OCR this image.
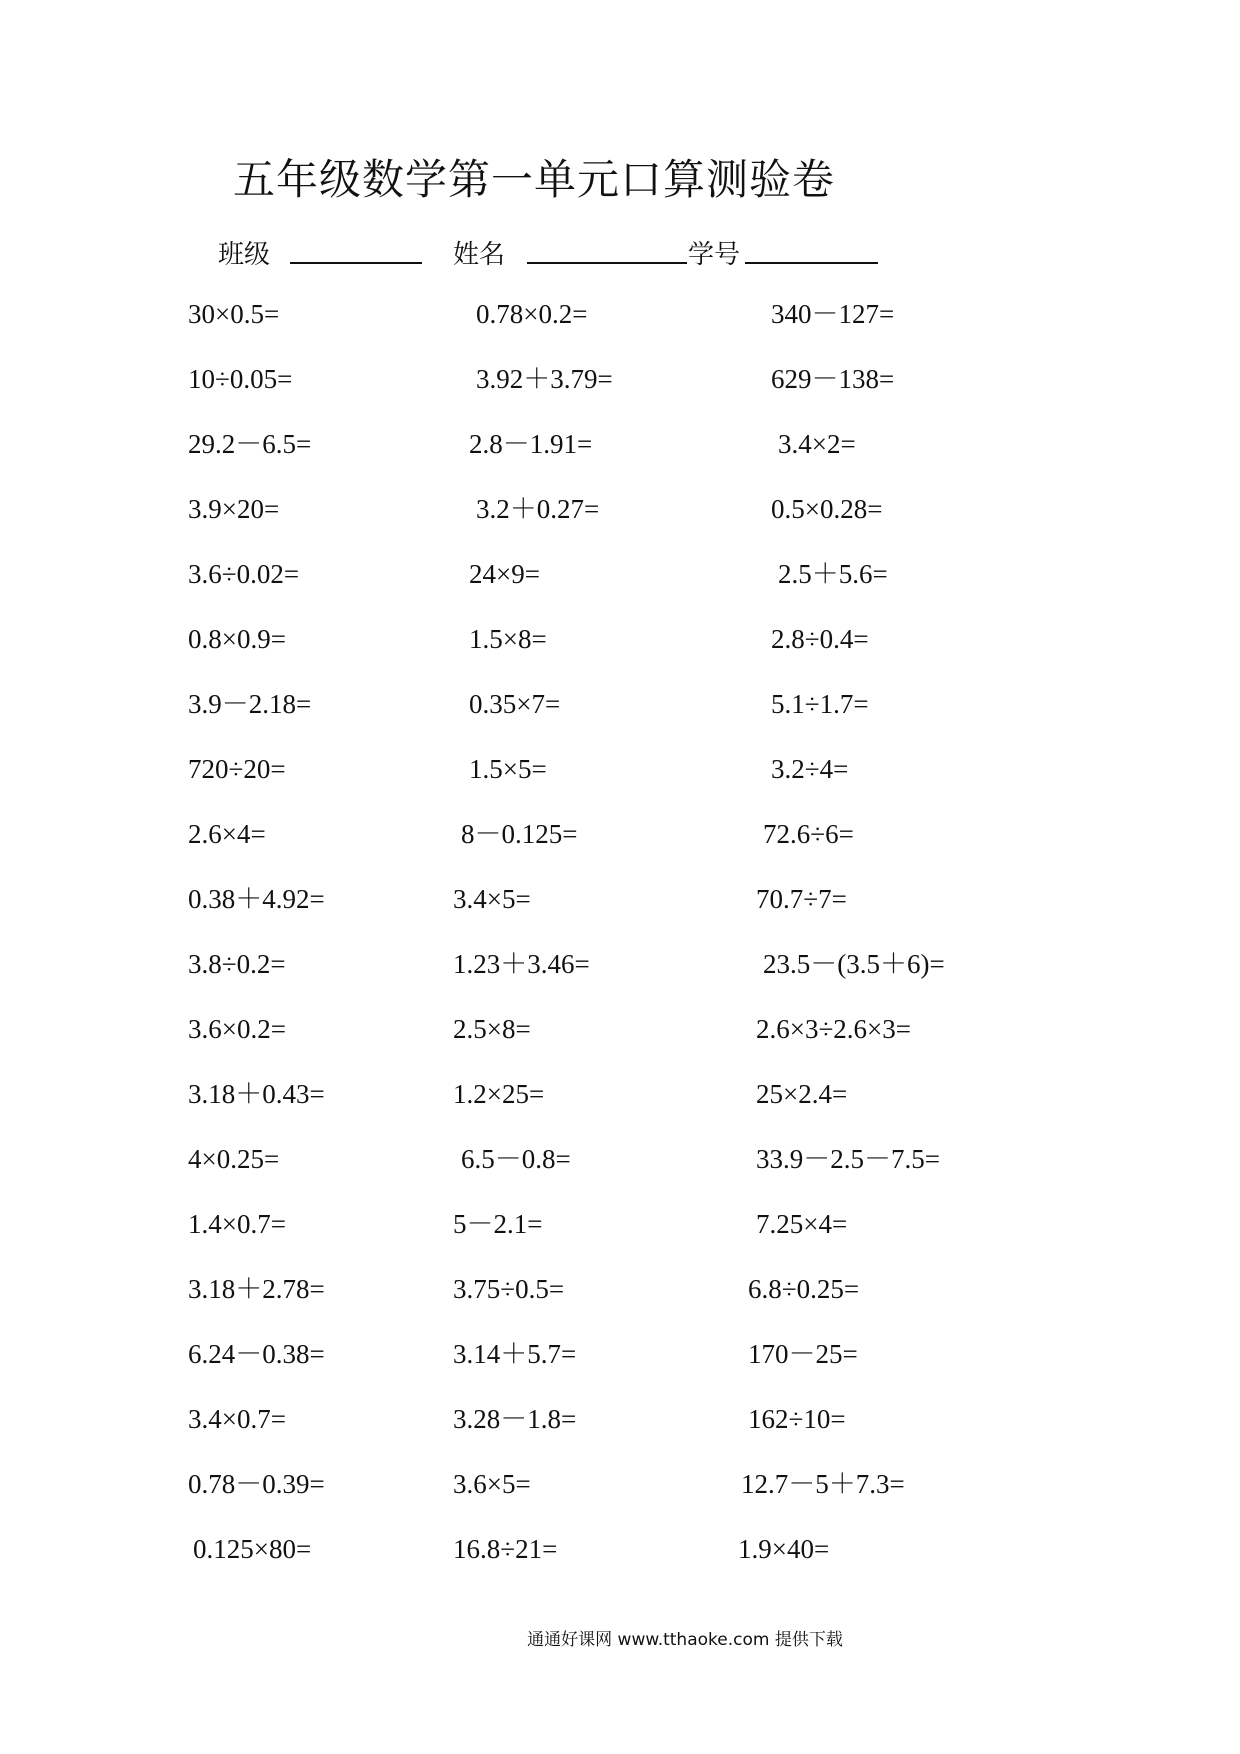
五年级数学第一单元口算测验卷
班级	姓名	学号
30×0.5=	0.78×0.2=	340－127=
10÷0.05=	3.92＋3.79=	629－138=
29.2－6.5=	2.8－1.91=	3.4×2=
3.9×20=	3.2＋0.27=	0.5×0.28=
3.6÷0.02=	24×9=	2.5＋5.6=
0.8×0.9=	1.5×8=	2.8÷0.4=
3.9－2.18=	0.35×7=	5.1÷1.7=
720÷20=	1.5×5=	3.2÷4=
2.6×4=	8－0.125=	72.6÷6=
0.38＋4.92=	3.4×5=	70.7÷7=
3.8÷0.2=	1.23＋3.46=	23.5－(3.5＋6)=
3.6×0.2=	2.5×8=	2.6×3÷2.6×3=
3.18＋0.43=	1.2×25=	25×2.4=
4×0.25=	6.5－0.8=	33.9－2.5－7.5=
1.4×0.7=	5－2.1=	7.25×4=
3.18＋2.78=	3.75÷0.5=	6.8÷0.25=
6.24－0.38=	3.14＋5.7=	170－25=
3.4×0.7=	3.28－1.8=	162÷10=
0.78－0.39=	3.6×5=	12.7－5＋7.3=
0.125×80=	16.8÷21=	1.9×40=
通通好课网 www.tthaoke.com 提供下载
